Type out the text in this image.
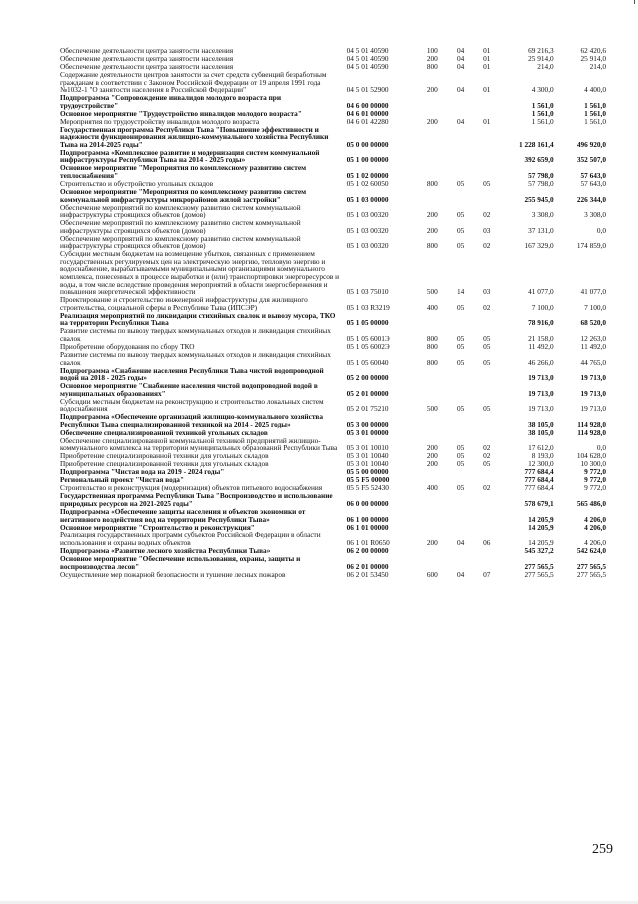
Обеспечение деятельности центра занятости населения	04 5 01 40590	100	04	01	69 216,3	62 420,6
Обеспечение деятельности центра занятости населения	04 5 01 40590	200	04	01	25 914,0	25 914,0
Обеспечение деятельности центра занятости населения	04 5 01 40590	800	04	01	214,0	214,0
Содержание деятельности центров занятости за счет средств субвенций безработным гражданам в соответствии с Законом Российской Федерации от 19 апреля 1991 года №1032-1 "О занятости населения в Российской Федерации"	04 5 01 52900	200	04	01	4 300,0	4 400,0
Подпрограмма "Сопровождение инвалидов молодого возраста при трудоустройстве"	04 6 00 00000				1 561,0	1 561,0
Основное мероприятие "Трудоустройство инвалидов молодого возраста"	04 6 01 00000				1 561,0	1 561,0
Мероприятия по трудоустройству инвалидов молодого возраста	04 6 01 42280	200	04	01	1 561,0	1 561,0
Государственная программа Республики Тыва "Повышение эффективности и надежности функционирования жилищно-коммунального хозяйства Республики Тыва на 2014-2025 годы"	05 0 00 00000				1 228 161,4	496 920,0
Подпрограмма «Комплексное развитие и модернизация систем коммунальной инфраструктуры Республики Тыва на 2014 - 2025 годы»	05 1 00 00000				392 659,0	352 507,0
Основное мероприятие "Мероприятия по комплексному развитию систем теплоснабжения"	05 1 02 00000				57 798,0	57 643,0
Строительство и обустройство угольных складов	05 1 02 60050	800	05	05	57 798,0	57 643,0
Основное мероприятие "Мероприятия по комплексному развитию систем коммунальной инфраструктуры микрорайонов жилой застройки"	05 1 03 00000				255 945,0	226 344,0
Обеспечение мероприятий по комплексному развитию систем коммунальной инфраструктуры строящихся объектов (домов)	05 1 03 00320	200	05	02	3 308,0	3 308,0
Обеспечение мероприятий по комплексному развитию систем коммунальной инфраструктуры строящихся объектов (домов)	05 1 03 00320	200	05	03	37 131,0	0,0
Обеспечение мероприятий по комплексному развитию систем коммунальной инфраструктуры строящихся объектов (домов)	05 1 03 00320	800	05	02	167 329,0	174 859,0
Субсидии местным бюджетам на возмещение убытков, связанных с применением государственных регулируемых цен на электрическую энергию, тепловую энергию и водоснабжение, вырабатываемыми муниципальными организациями коммунального комплекса, понесенных в процессе выработки и (или) транспортировки энергоресурсов и воды, в том числе вследствие проведения мероприятий в области энергосбережения и повышения энергетической эффективности	05 1 03 75010	500	14	03	41 077,0	41 077,0
Проектирование и строительство инженерной инфраструктуры для жилищного строительства, социальной сферы в Республике Тыва (ИПСЭР)	05 1 03 R3219	400	05	02	7 100,0	7 100,0
Реализация мероприятий по ликвидации стихийных свалок и вывозу мусора, ТКО на территории Республики Тыва	05 1 05 00000				78 916,0	68 520,0
Развитие системы по вывозу твердых коммунальных отходов и ликвидация стихийных свалок	05 1 05 6001Э	800	05	05	21 158,0	12 263,0
Приобретение оборудования по сбору ТКО	05 1 05 6002Э	800	05	05	11 492,0	11 492,0
Развитие системы по вывозу твердых коммунальных отходов и ликвидация стихийных свалок	05 1 05 60040	800	05	05	46 266,0	44 765,0
Подпрограмма «Снабжение населения Республики Тыва чистой водопроводной водой на 2018 - 2025 годы»	05 2 00 00000				19 713,0	19 713,0
Основное мероприятие "Снабжение населения чистой водопроводной водой в муниципальных образованиях"	05 2 01 00000				19 713,0	19 713,0
Субсидии местным бюджетам на реконструкцию и строительство локальных систем водоснабжения	05 2 01 75210	500	05	05	19 713,0	19 713,0
Подпрограмма «Обеспечение организаций жилищно-коммунального хозяйства Республики Тыва специализированной техникой на 2014 - 2025 годы»	05 3 00 00000				38 105,0	114 928,0
Обеспечение специализированной техникой угольных складов	05 3 01 00000				38 105,0	114 928,0
Обеспечение специализированной коммунальной техникой предприятий жилищно-коммунального комплекса на территории муниципальных образований Республики Тыва	05 3 01 10010	200	05	02	17 612,0	0,0
Приобретение специализированной техники для угольных складов	05 3 01 10040	200	05	02	8 193,0	104 628,0
Приобретение специализированной техники для угольных складов	05 3 01 10040	200	05	05	12 300,0	10 300,0
Подпрограмма "Чистая вода на 2019 - 2024 годы"	05 5 00 00000				777 684,4	9 772,0
Региональный проект "Чистая вода"	05 5 F5 00000				777 684,4	9 772,0
Строительство и реконструкция (модернизация) объектов питьевого водоснабжения	05 5 F5 52430	400	05	02	777 684,4	9 772,0
Государственная программа Республики Тыва "Воспроизводство и использование природных ресурсов на 2021-2025 годы"	06 0 00 00000				578 679,1	565 486,0
Подпрограмма «Обеспечение защиты населения и объектов экономики от негативного воздействия вод на территории Республики Тыва»	06 1 00 00000				14 205,9	4 206,0
Основное мероприятие "Строительство и реконструкция"	06 1 01 00000				14 205,9	4 206,0
Реализация государственных программ субъектов Российской Федерации в области использования и охраны водных объектов	06 1 01 R0650	200	04	06	14 205,9	4 206,0
Подпрограмма «Развитие лесного хозяйства Республики Тыва»	06 2 00 00000				545 327,2	542 624,0
Основное мероприятие "Обеспечение использования, охраны, защиты и воспроизводства лесов"	06 2 01 00000				277 565,5	277 565,5
Осуществление мер пожарной безопасности и тушение лесных пожаров	06 2 01 53450	600	04	07	277 565,5	277 565,5
259
